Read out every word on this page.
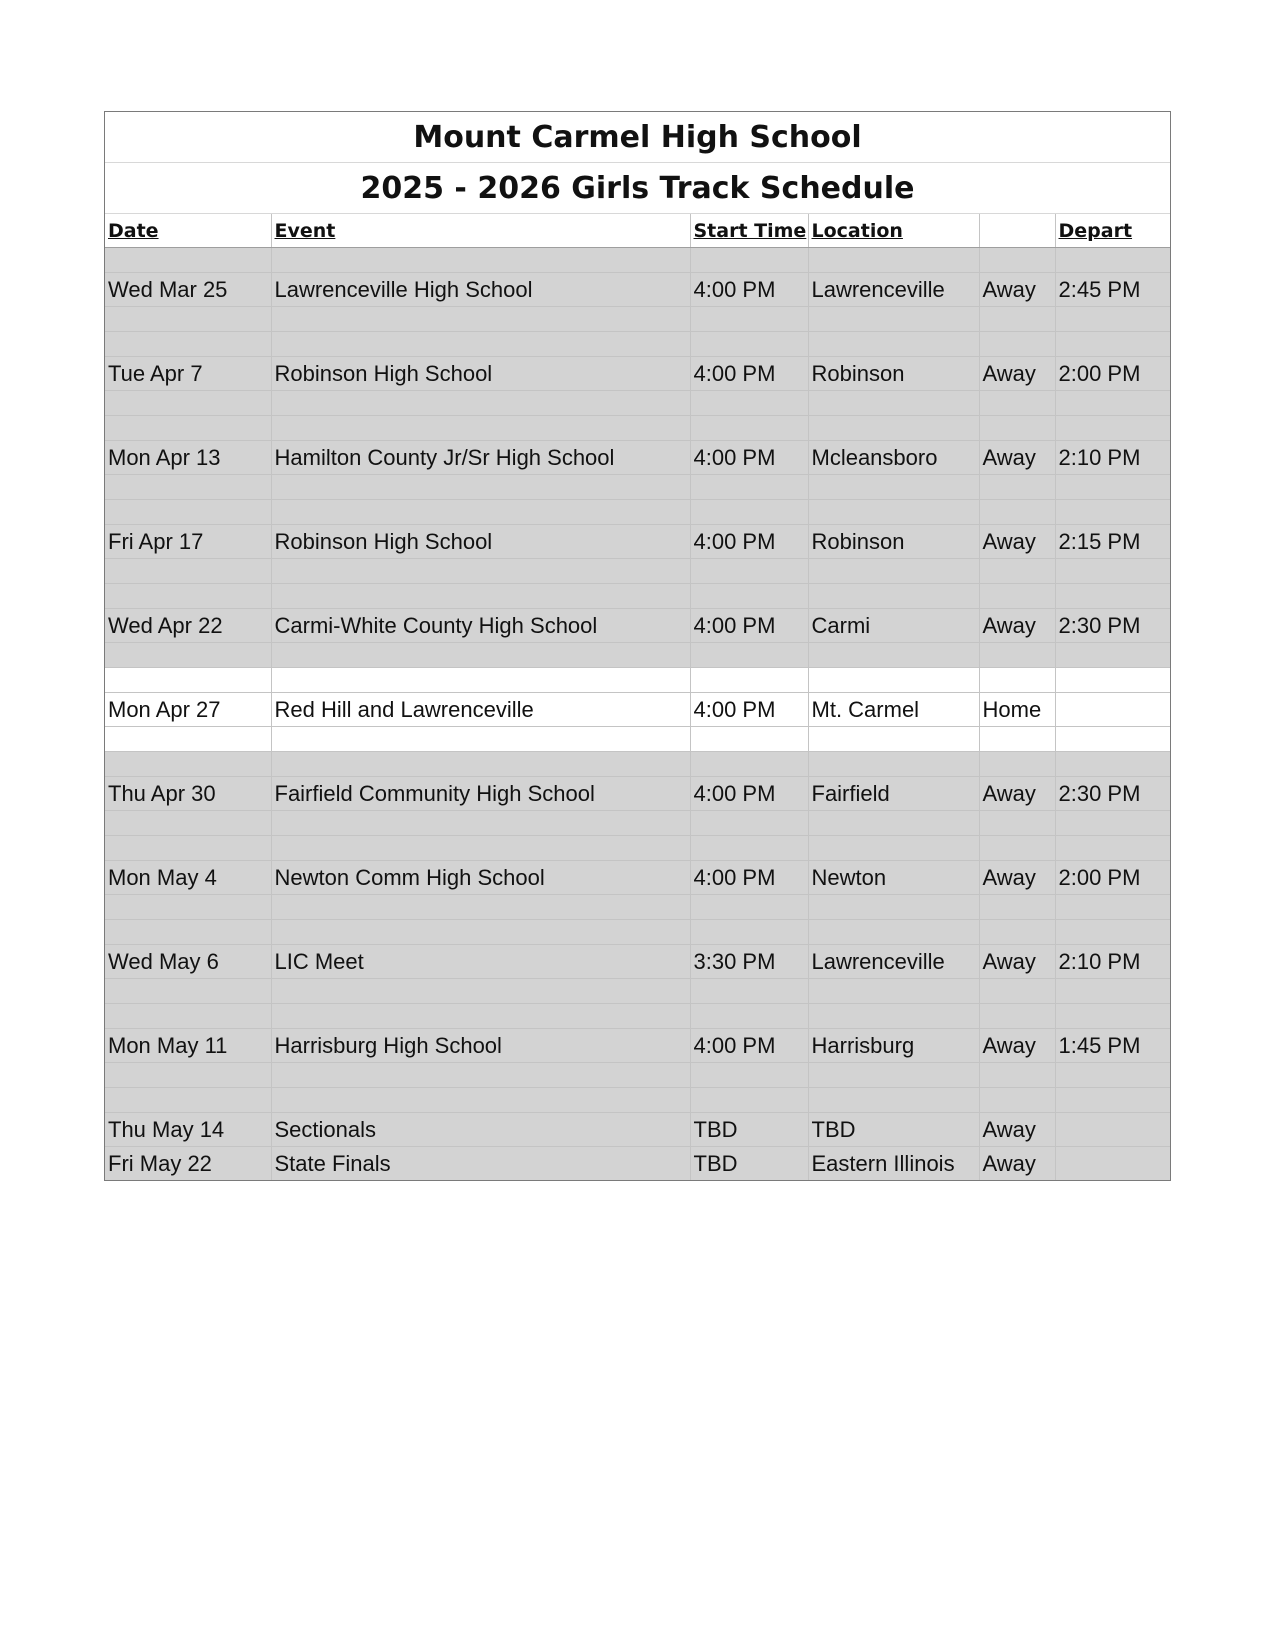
Mount Carmel High School
2025 - 2026 Girls Track Schedule
Date	Event	Start Time	Location		Depart

Wed Mar 25	Lawrenceville High School	4:00 PM	Lawrenceville	Away	2:45 PM

Tue Apr 7	Robinson High School	4:00 PM	Robinson	Away	2:00 PM

Mon Apr 13	Hamilton County Jr/Sr High School	4:00 PM	Mcleansboro	Away	2:10 PM

Fri Apr 17	Robinson High School	4:00 PM	Robinson	Away	2:15 PM

Wed Apr 22	Carmi-White County High School	4:00 PM	Carmi	Away	2:30 PM

Mon Apr 27	Red Hill and Lawrenceville	4:00 PM	Mt. Carmel	Home	

Thu Apr 30	Fairfield Community High School	4:00 PM	Fairfield	Away	2:30 PM

Mon May 4	Newton Comm High School	4:00 PM	Newton	Away	2:00 PM

Wed May 6	LIC Meet	3:30 PM	Lawrenceville	Away	2:10 PM

Mon May 11	Harrisburg High School	4:00 PM	Harrisburg	Away	1:45 PM

Thu May 14	Sectionals	TBD	TBD	Away	
Fri May 22	State Finals	TBD	Eastern Illinois	Away	
